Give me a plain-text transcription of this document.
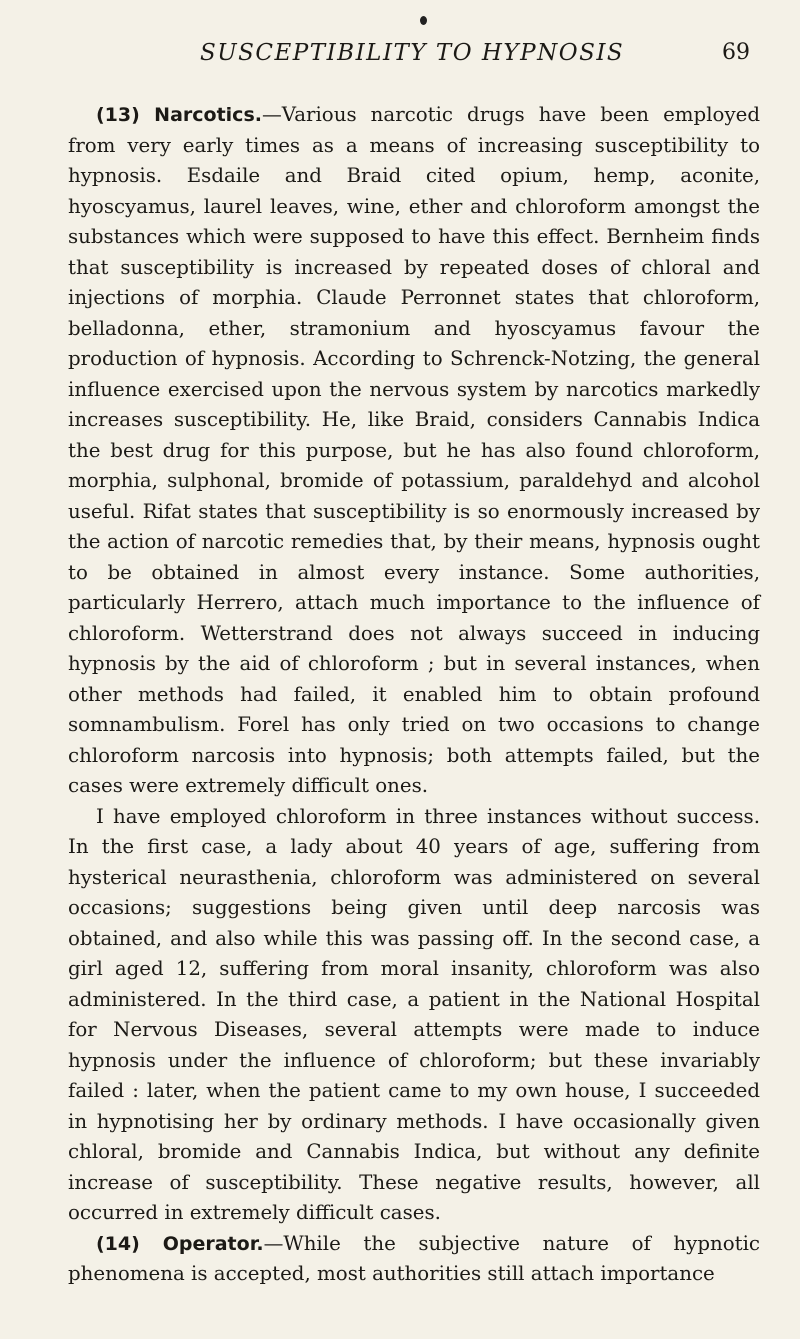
SUSCEPTIBILITY TO HYPNOSIS	69

(13) Narcotics.—Various narcotic drugs have been employed from very early times as a means of increasing susceptibility to hypnosis. Esdaile and Braid cited opium, hemp, aconite, hyoscyamus, laurel leaves, wine, ether and chloroform amongst the substances which were supposed to have this effect. Bernheim finds that susceptibility is increased by repeated doses of chloral and injections of morphia. Claude Perronnet states that chloroform, belladonna, ether, stramonium and hyoscyamus favour the production of hypnosis. According to Schrenck-Notzing, the general influence exercised upon the nervous system by narcotics markedly increases susceptibility. He, like Braid, considers Cannabis Indica the best drug for this purpose, but he has also found chloroform, morphia, sulphonal, bromide of potassium, paraldehyd and alcohol useful. Rifat states that susceptibility is so enormously increased by the action of narcotic remedies that, by their means, hypnosis ought to be obtained in almost every instance. Some authorities, particularly Herrero, attach much importance to the influence of chloroform. Wetterstrand does not always succeed in inducing hypnosis by the aid of chloroform ; but in several instances, when other methods had failed, it enabled him to obtain profound somnambulism. Forel has only tried on two occasions to change chloroform narcosis into hypnosis; both attempts failed, but the cases were extremely difficult ones.

I have employed chloroform in three instances without success. In the first case, a lady about 40 years of age, suffering from hysterical neurasthenia, chloroform was administered on several occasions; suggestions being given until deep narcosis was obtained, and also while this was passing off. In the second case, a girl aged 12, suffering from moral insanity, chloroform was also administered. In the third case, a patient in the National Hospital for Nervous Diseases, several attempts were made to induce hypnosis under the influence of chloroform; but these invariably failed : later, when the patient came to my own house, I succeeded in hypnotising her by ordinary methods. I have occasionally given chloral, bromide and Cannabis Indica, but without any definite increase of susceptibility. These negative results, however, all occurred in extremely difficult cases.

(14) Operator.—While the subjective nature of hypnotic phenomena is accepted, most authorities still attach importance
